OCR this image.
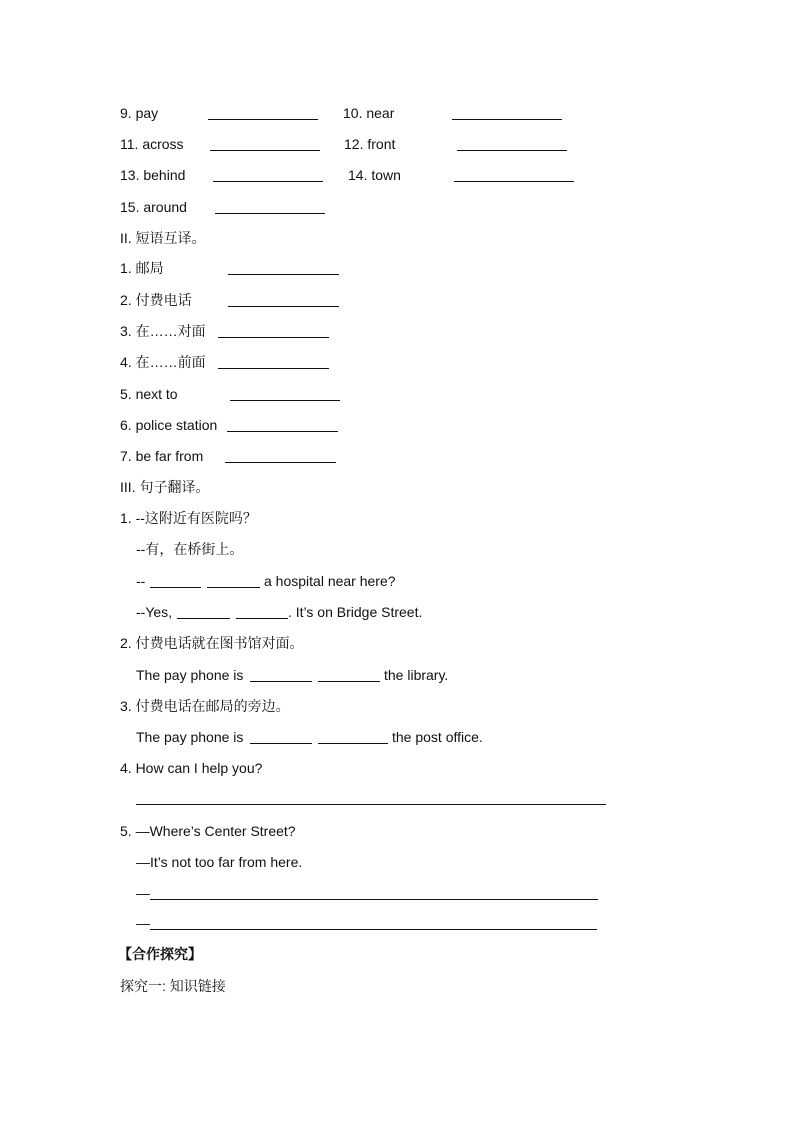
9. pay	10. near
11. across	12. front
13. behind	14. town
15. around
II. 短语互译。
1. 邮局
2. 付费电话
3. 在……对面
4. 在……前面
5. next to
6. police station
7. be far from
III. 句子翻译。
1. --这附近有医院吗？
--有，在桥街上。
--	a hospital near here?
--Yes,	. It’s on Bridge Street.
2. 付费电话就在图书馆对面。
The pay phone is	the library.
3. 付费电话在邮局的旁边。
The pay phone is	the post office.
4. How can I help you?
5. —Where’s Center Street?
—It’s not too far from here.
—
—
【合作探究】
探究一: 知识链接
